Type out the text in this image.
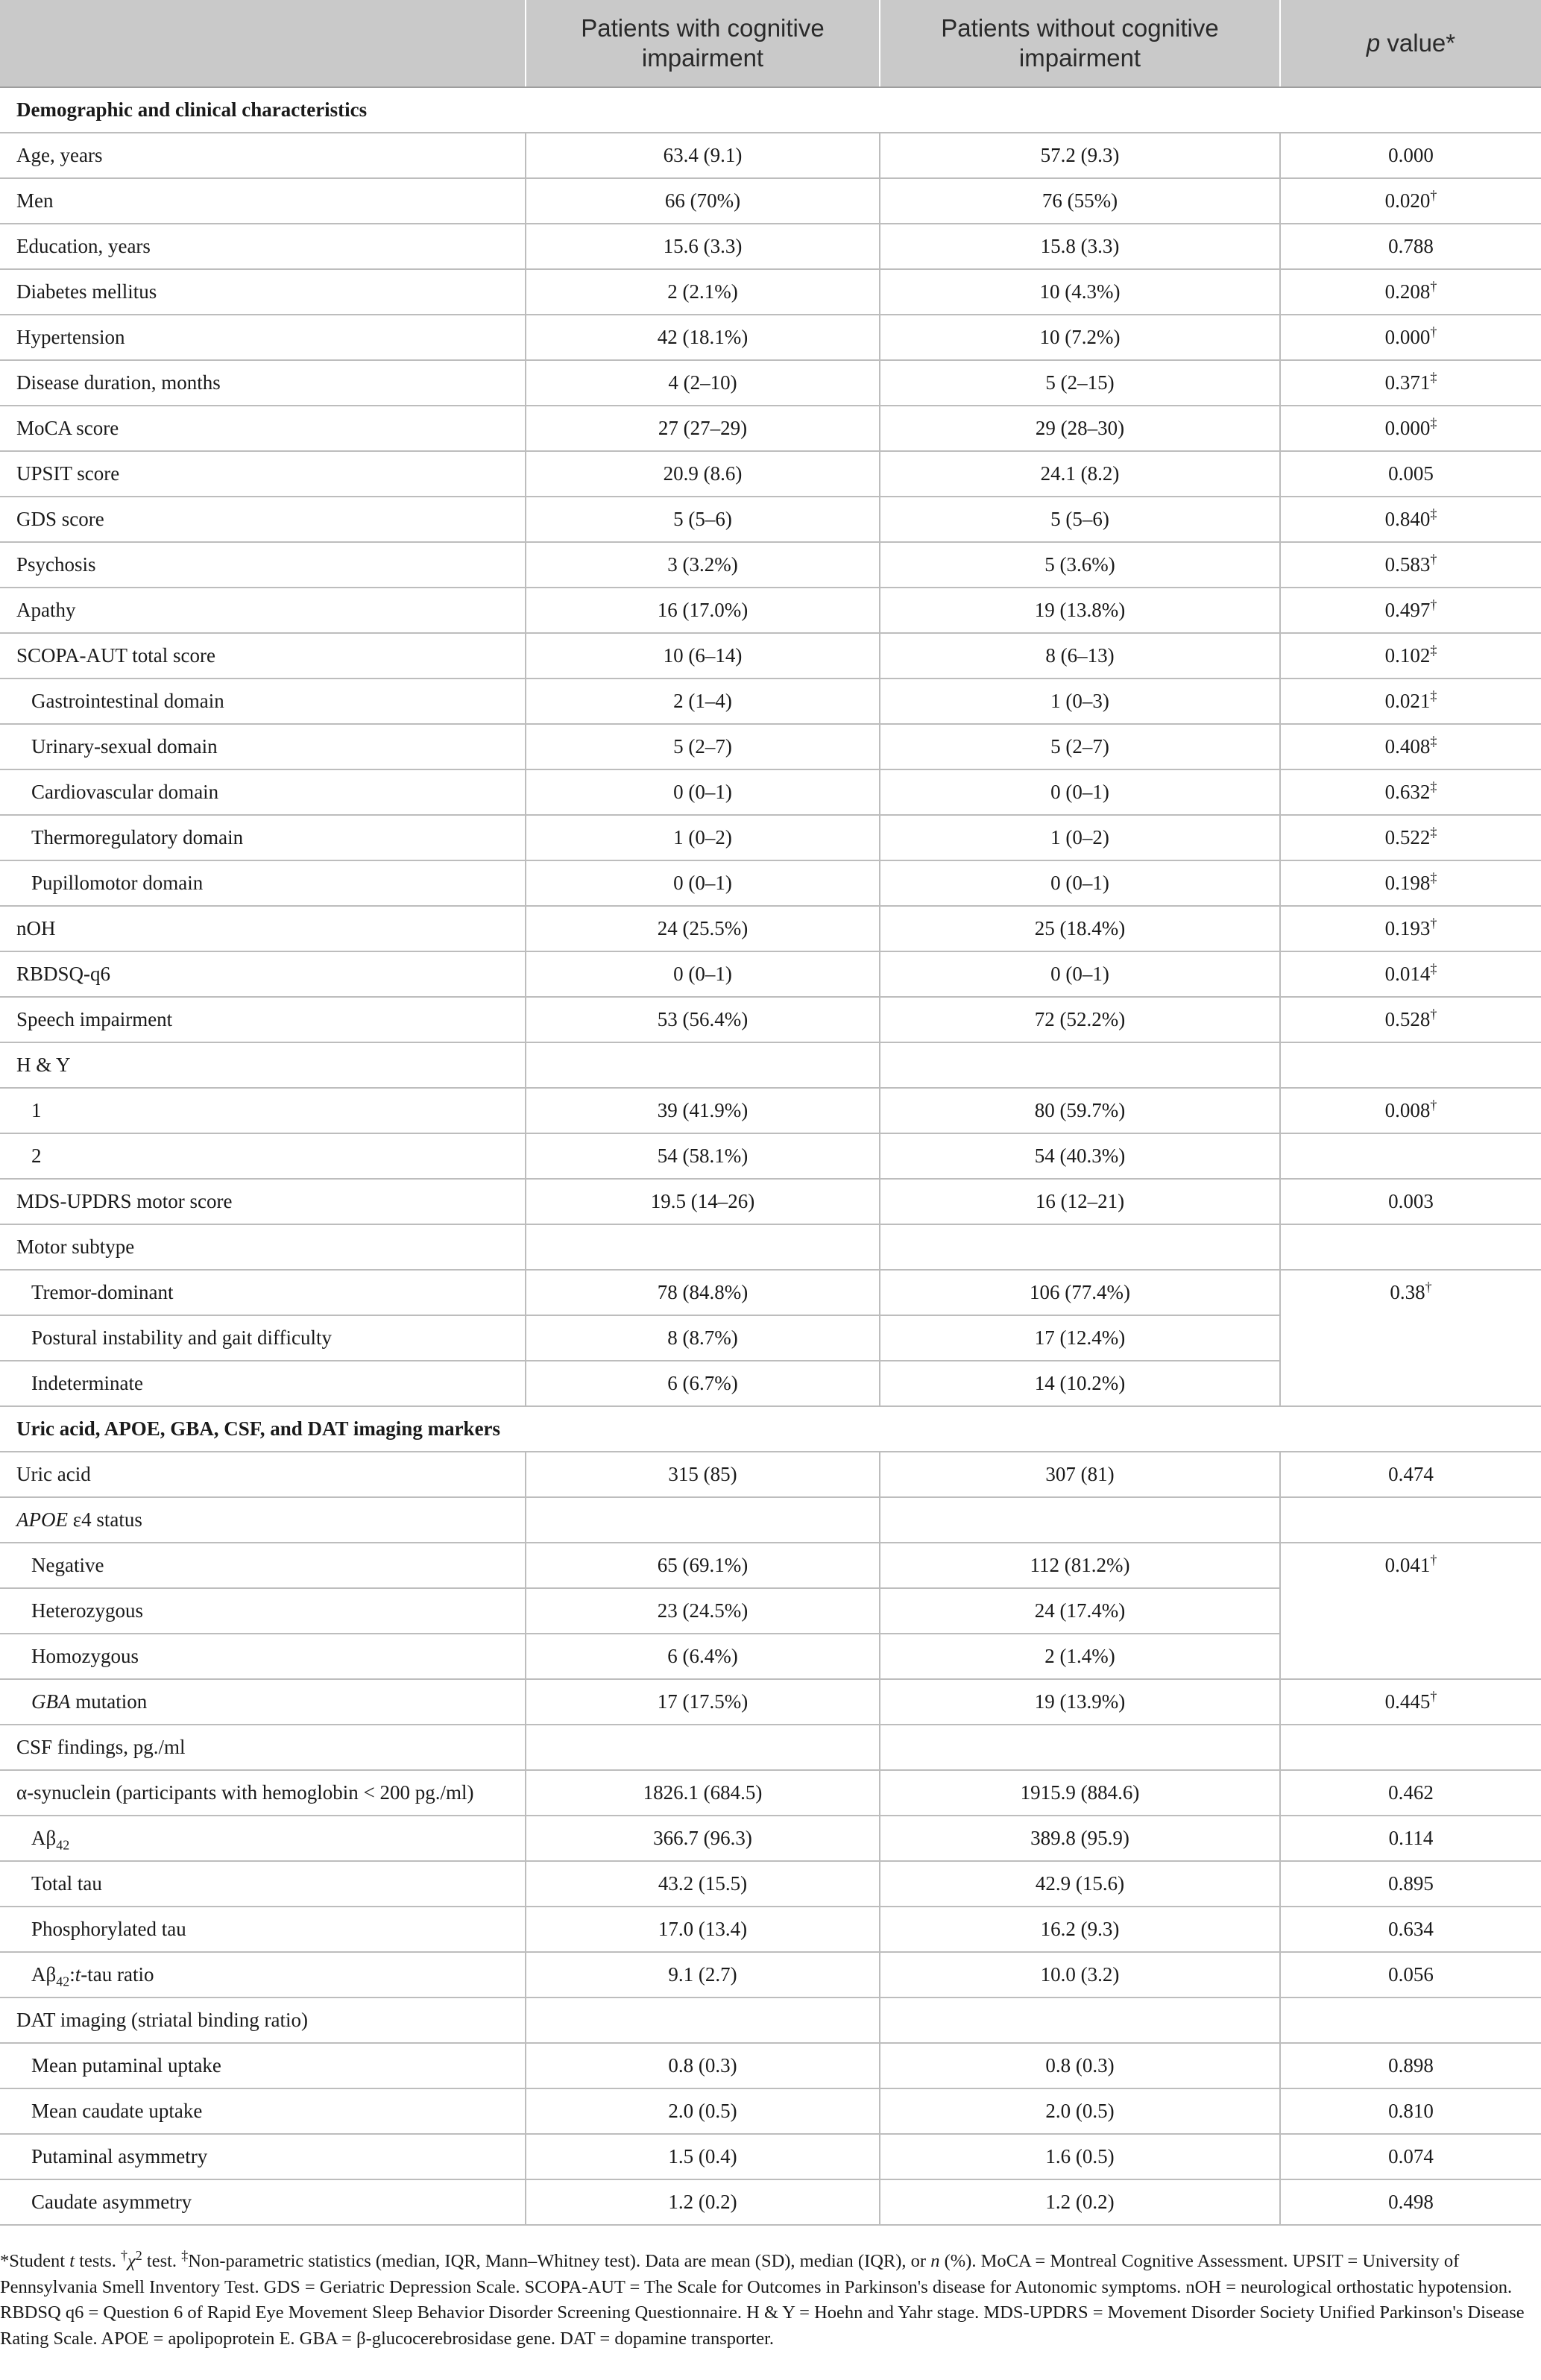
	Patients with cognitive impairment	Patients without cognitive impairment	p value*
Demographic and clinical characteristics			
Age, years	63.4 (9.1)	57.2 (9.3)	0.000
Men	66 (70%)	76 (55%)	0.020†
Education, years	15.6 (3.3)	15.8 (3.3)	0.788
Diabetes mellitus	2 (2.1%)	10 (4.3%)	0.208†
Hypertension	42 (18.1%)	10 (7.2%)	0.000†
Disease duration, months	4 (2–10)	5 (2–15)	0.371‡
MoCA score	27 (27–29)	29 (28–30)	0.000‡
UPSIT score	20.9 (8.6)	24.1 (8.2)	0.005
GDS score	5 (5–6)	5 (5–6)	0.840‡
Psychosis	3 (3.2%)	5 (3.6%)	0.583†
Apathy	16 (17.0%)	19 (13.8%)	0.497†
SCOPA-AUT total score	10 (6–14)	8 (6–13)	0.102‡
Gastrointestinal domain	2 (1–4)	1 (0–3)	0.021‡
Urinary-sexual domain	5 (2–7)	5 (2–7)	0.408‡
Cardiovascular domain	0 (0–1)	0 (0–1)	0.632‡
Thermoregulatory domain	1 (0–2)	1 (0–2)	0.522‡
Pupillomotor domain	0 (0–1)	0 (0–1)	0.198‡
nOH	24 (25.5%)	25 (18.4%)	0.193†
RBDSQ-q6	0 (0–1)	0 (0–1)	0.014‡
Speech impairment	53 (56.4%)	72 (52.2%)	0.528†
H & Y			
1	39 (41.9%)	80 (59.7%)	0.008†
2	54 (58.1%)	54 (40.3%)	
MDS-UPDRS motor score	19.5 (14–26)	16 (12–21)	0.003
Motor subtype			
Tremor-dominant	78 (84.8%)	106 (77.4%)	0.38†
Postural instability and gait difficulty	8 (8.7%)	17 (12.4%)	
Indeterminate	6 (6.7%)	14 (10.2%)	
Uric acid, APOE, GBA, CSF, and DAT imaging markers			
Uric acid	315 (85)	307 (81)	0.474
APOE ε4 status			
Negative	65 (69.1%)	112 (81.2%)	0.041†
Heterozygous	23 (24.5%)	24 (17.4%)	
Homozygous	6 (6.4%)	2 (1.4%)	
GBA mutation	17 (17.5%)	19 (13.9%)	0.445†
CSF findings, pg./ml			
α-synuclein (participants with hemoglobin < 200 pg./ml)	1826.1 (684.5)	1915.9 (884.6)	0.462
$A\beta_{42}$	366.7 (96.3)	389.8 (95.9)	0.114
Total tau	43.2 (15.5)	42.9 (15.6)	0.895
Phosphorylated tau	17.0 (13.4)	16.2 (9.3)	0.634
$A\beta_{42}:t$-tau ratio	9.1 (2.7)	10.0 (3.2)	0.056
DAT imaging (striatal binding ratio)			
Mean putaminal uptake	0.8 (0.3)	0.8 (0.3)	0.898
Mean caudate uptake	2.0 (0.5)	2.0 (0.5)	0.810
Putaminal asymmetry	1.5 (0.4)	1.6 (0.5)	0.074
Caudate asymmetry	1.2 (0.2)	1.2 (0.2)	0.498

*Student t tests. $^\dagger\chi^2$ test. ‡Non-parametric statistics (median, IQR, Mann–Whitney test). Data are mean (SD), median (IQR), or n (%). MoCA = Montreal Cognitive Assessment. UPSIT = University of Pennsylvania Smell Inventory Test. GDS = Geriatric Depression Scale. SCOPA-AUT = The Scale for Outcomes in Parkinson's disease for Autonomic symptoms. nOH = neurological orthostatic hypotension. RBDSQ q6 = Question 6 of Rapid Eye Movement Sleep Behavior Disorder Screening Questionnaire. H & Y = Hoehn and Yahr stage. MDS-UPDRS = Movement Disorder Society Unified Parkinson's Disease Rating Scale. APOE = apolipoprotein E. GBA = β-glucocerebrosidase gene. DAT = dopamine transporter.
